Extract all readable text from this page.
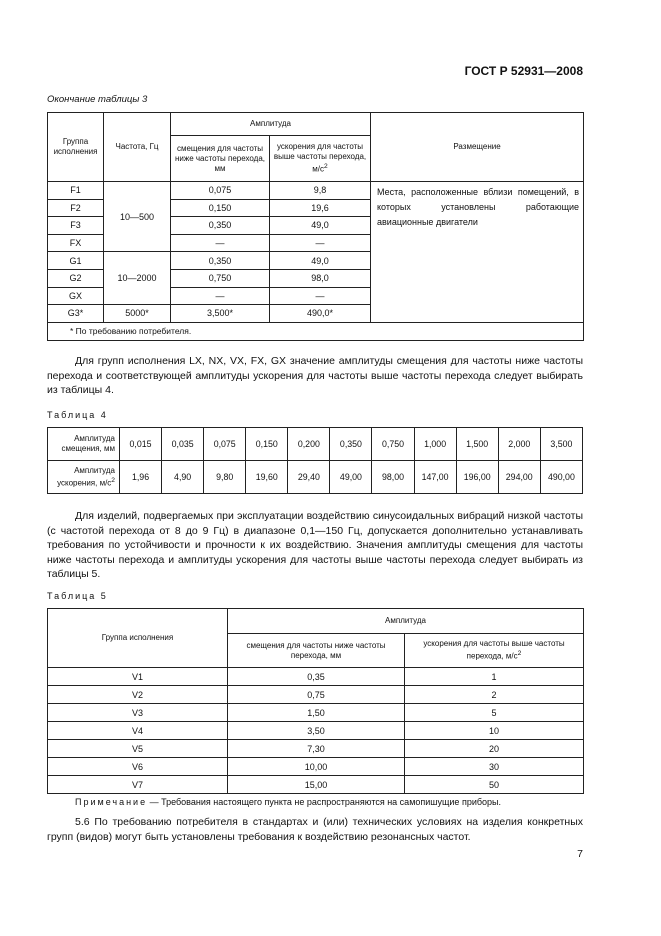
ГОСТ Р 52931—2008
Окончание таблицы 3
Группа исполнения	Частота, Гц	Амплитуда		Размещение
		смещения для частоты ниже частоты перехода, мм	ускорения для частоты выше частоты перехода, $м/с^2$
F1	10—500	0,075	9,8	Места, расположенные вблизи помещений, в которых установлены работающие авиационные двигатели
F2		0,150	19,6	
F3		0,350	49,0	
FX		—	—	
G1	10—2000	0,350	49,0	
G2		0,750	98,0	
GX		—	—	
G3*	5000*	3,500*	490,0*	
* По требованию потребителя.				
Для групп исполнения LX, NX, VX, FX, GX значение амплитуды смещения для частоты ниже частоты перехода и соответствующей амплитуды ускорения для частоты выше частоты перехода следует выбирать из таблицы 4.
Таблица 4
Амплитуда смещения, мм	0,015	0,035	0,075	0,150	0,200	0,350	0,750	1,000	1,500	2,000	3,500
Амплитуда ускорения, $м/с^2$	1,96	4,90	9,80	19,60	29,40	49,00	98,00	147,00	196,00	294,00	490,00
Для изделий, подвергаемых при эксплуатации воздействию синусоидальных вибраций низкой частоты (с частотой перехода от 8 до 9 Гц) в диапазоне 0,1—150 Гц, допускается дополнительно устанавливать требования по устойчивости и прочности к их воздействию. Значения амплитуды смещения для частоты ниже частоты перехода и амплитуды ускорения для частоты выше частоты перехода следует выбирать из таблицы 5.
Таблица 5
Группа исполнения	Амплитуда	
	смещения для частоты ниже частоты перехода, мм	ускорения для частоты выше частоты перехода, $м/с^2$
V1	0,35	1
V2	0,75	2
V3	1,50	5
V4	3,50	10
V5	7,30	20
V6	10,00	30
V7	15,00	50
Примечание — Требования настоящего пункта не распространяются на самопишущие приборы.
5.6 По требованию потребителя в стандартах и (или) технических условиях на изделия конкретных групп (видов) могут быть установлены требования к воздействию резонансных частот.
7
